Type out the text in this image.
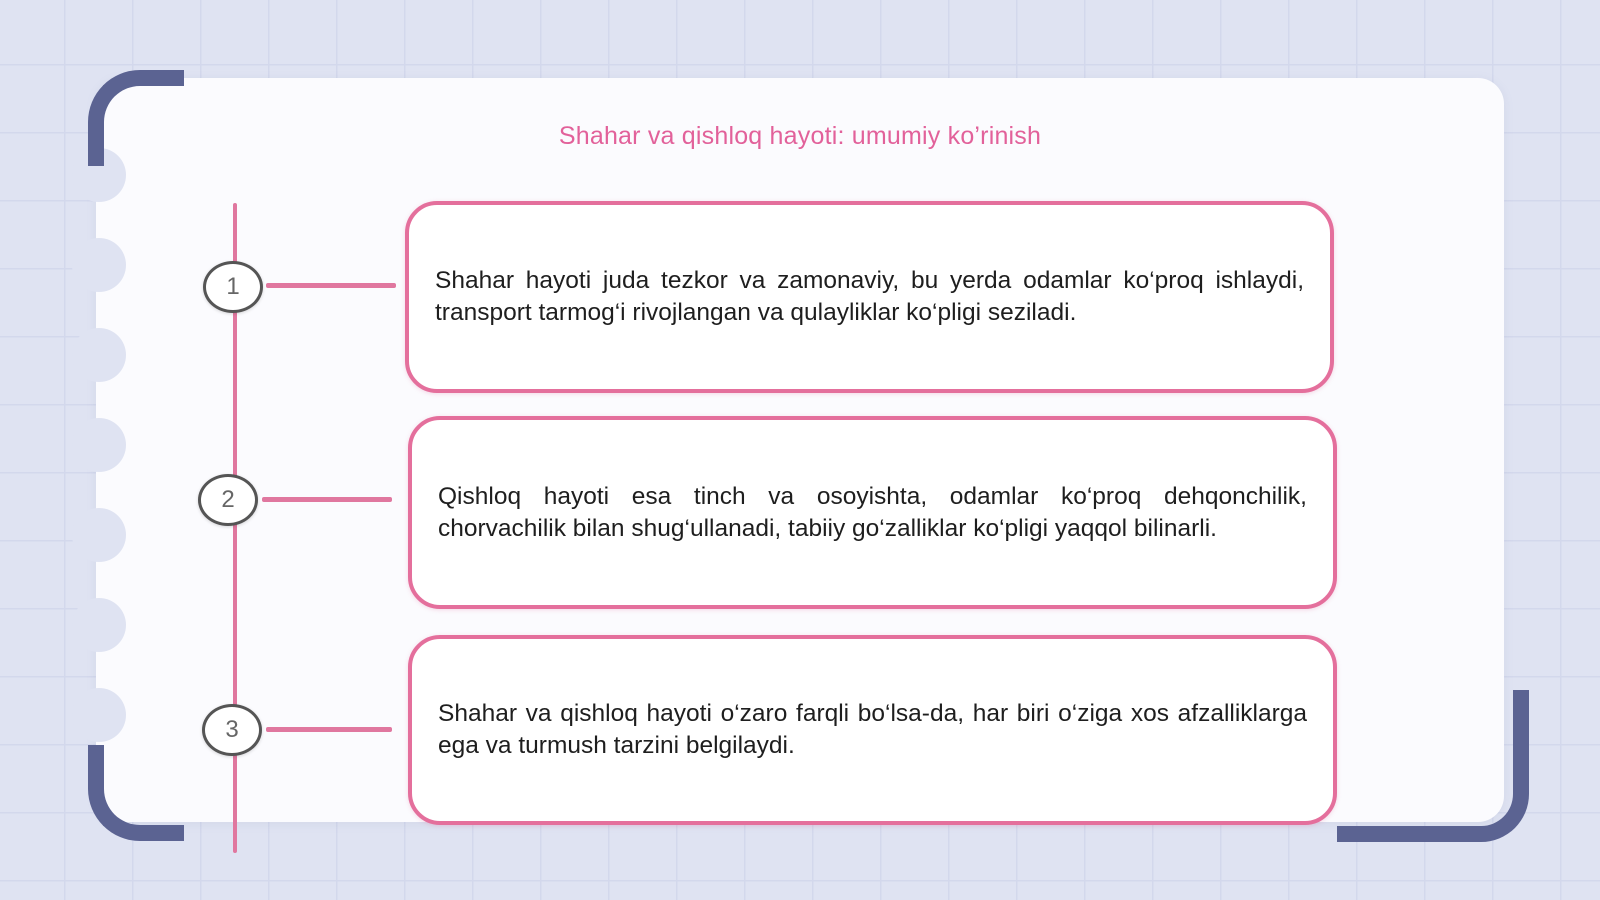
Shahar va qishloq hayoti: umumiy ko’rinish
1	Shahar hayoti juda tezkor va zamonaviy, bu yerda odamlar ko‘proq ishlaydi, transport tarmog‘i rivojlangan va qulayliklar ko‘pligi seziladi.
2	Qishloq hayoti esa tinch va osoyishta, odamlar ko‘proq dehqonchilik, chorvachilik bilan shug‘ullanadi, tabiiy go‘zalliklar ko‘pligi yaqqol bilinarli.
3
Shahar va qishloq hayoti o‘zaro farqli bo‘lsa-da, har biri o‘ziga xos afzalliklarga ega va turmush tarzini belgilaydi.
